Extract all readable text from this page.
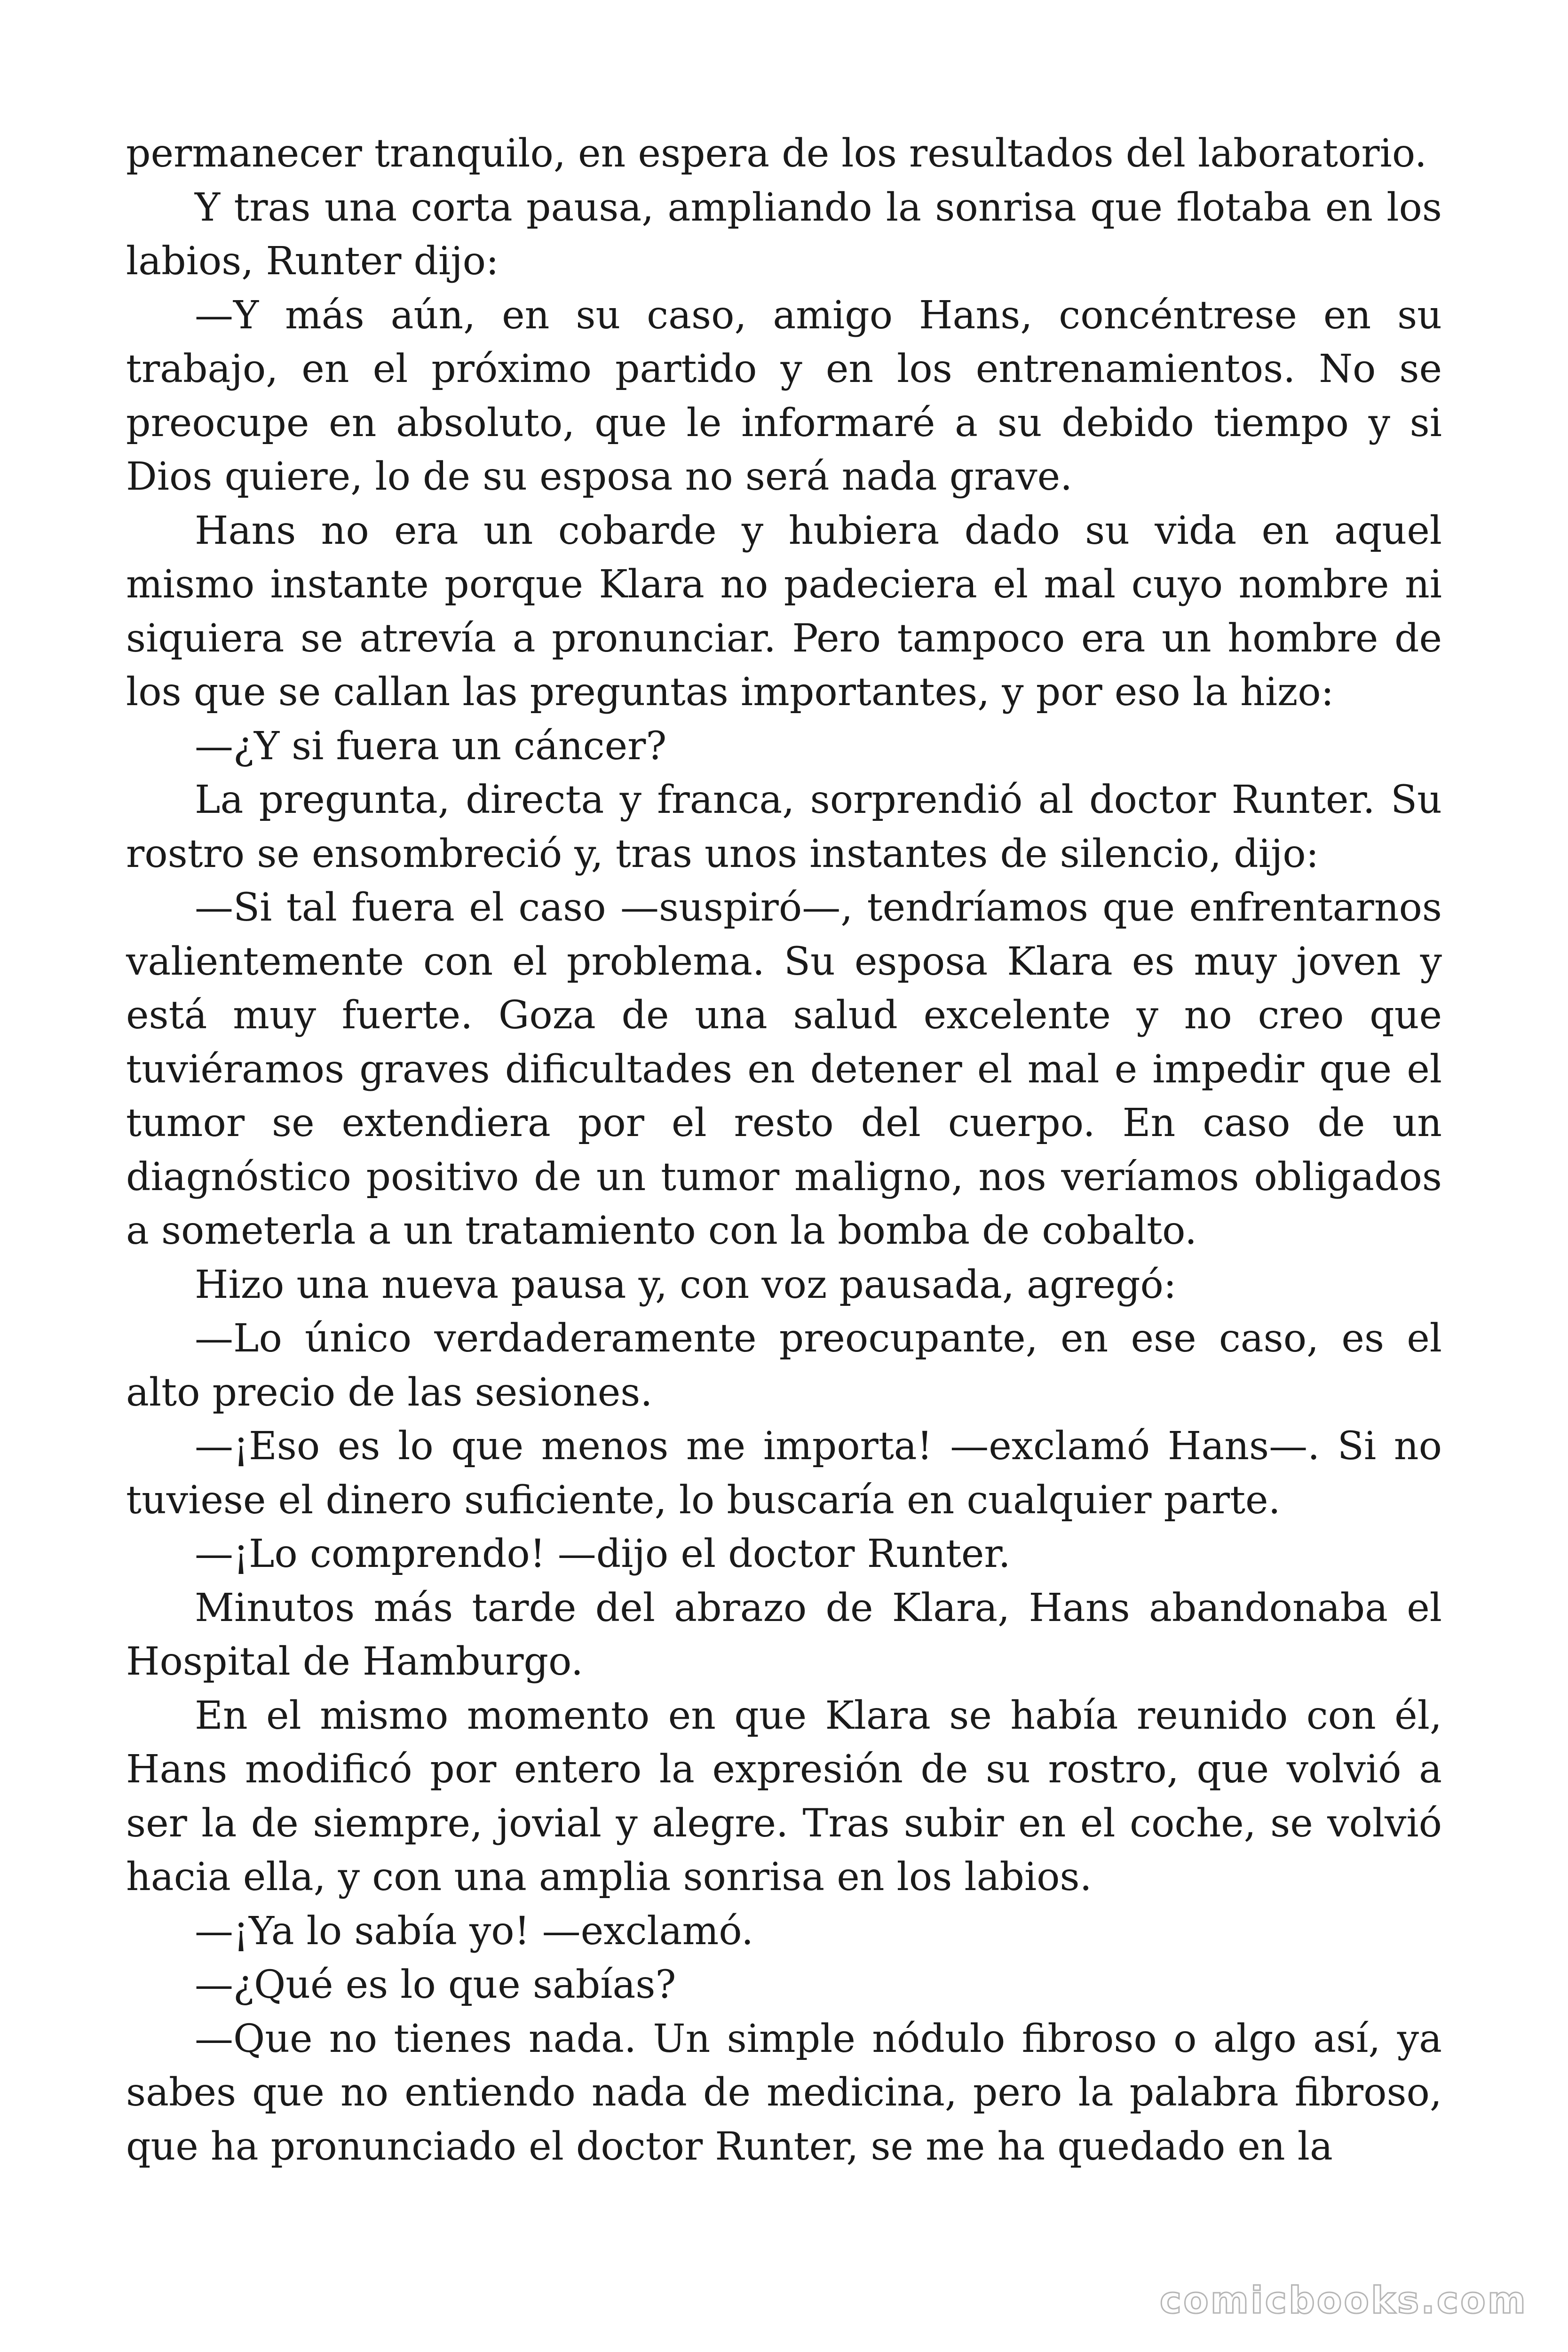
permanecer tranquilo, en espera de los resultados del laboratorio.

Y tras una corta pausa, ampliando la sonrisa que flotaba en los labios, Runter dijo:

—Y más aún, en su caso, amigo Hans, concéntrese en su trabajo, en el próximo partido y en los entrenamientos. No se preocupe en absoluto, que le informaré a su debido tiempo y si Dios quiere, lo de su esposa no será nada grave.

Hans no era un cobarde y hubiera dado su vida en aquel mismo instante porque Klara no padeciera el mal cuyo nombre ni siquiera se atrevía a pronunciar. Pero tampoco era un hombre de los que se callan las preguntas importantes, y por eso la hizo:

—¿Y si fuera un cáncer?

La pregunta, directa y franca, sorprendió al doctor Runter. Su rostro se ensombreció y, tras unos instantes de silencio, dijo:

—Si tal fuera el caso —suspiró—, tendríamos que enfrentarnos valientemente con el problema. Su esposa Klara es muy joven y está muy fuerte. Goza de una salud excelente y no creo que tuviéramos graves dificultades en detener el mal e impedir que el tumor se extendiera por el resto del cuerpo. En caso de un diagnóstico positivo de un tumor maligno, nos veríamos obligados a someterla a un tratamiento con la bomba de cobalto.

Hizo una nueva pausa y, con voz pausada, agregó:

—Lo único verdaderamente preocupante, en ese caso, es el alto precio de las sesiones.

—¡Eso es lo que menos me importa! —exclamó Hans—. Si no tuviese el dinero suficiente, lo buscaría en cualquier parte.

—¡Lo comprendo! —dijo el doctor Runter.

Minutos más tarde del abrazo de Klara, Hans abandonaba el Hospital de Hamburgo.

En el mismo momento en que Klara se había reunido con él, Hans modificó por entero la expresión de su rostro, que volvió a ser la de siempre, jovial y alegre. Tras subir en el coche, se volvió hacia ella, y con una amplia sonrisa en los labios.

—¡Ya lo sabía yo! —exclamó.

—¿Qué es lo que sabías?

—Que no tienes nada. Un simple nódulo fibroso o algo así, ya sabes que no entiendo nada de medicina, pero la palabra fibroso, que ha pronunciado el doctor Runter, se me ha quedado en la

comicbooks.com
